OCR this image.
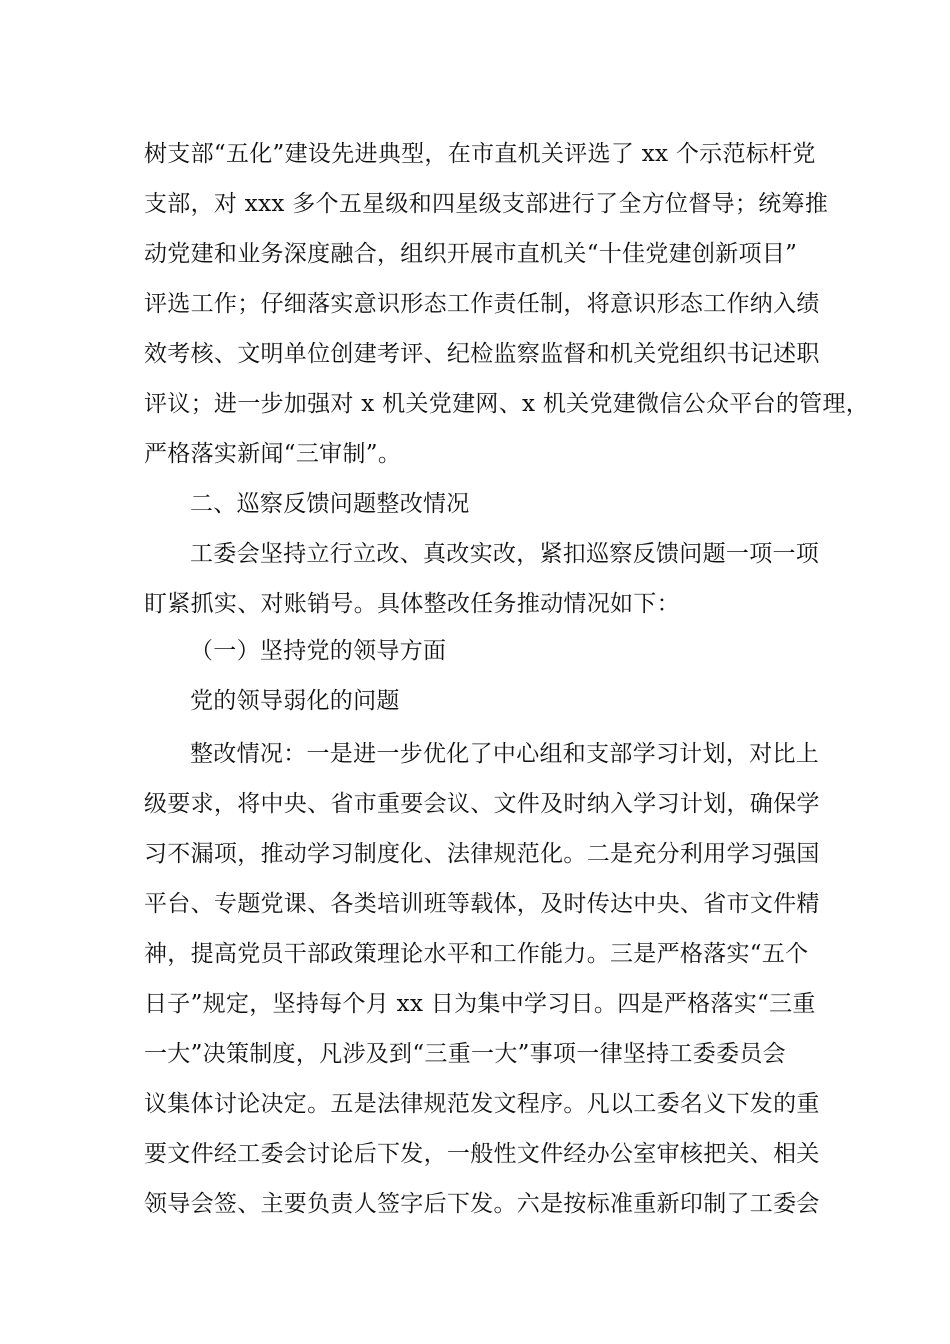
树支部“五化”建设先进典型，在市直机关评选了 xx 个示范标杆党
支部，对 xxx 多个五星级和四星级支部进行了全方位督导；统筹推
动党建和业务深度融合，组织开展市直机关“十佳党建创新项目”
评选工作；仔细落实意识形态工作责任制，将意识形态工作纳入绩
效考核、文明单位创建考评、纪检监察监督和机关党组织书记述职
评议；进一步加强对 x 机关党建网、x 机关党建微信公众平台的管理，
严格落实新闻“三审制”。
二、巡察反馈问题整改情况
工委会坚持立行立改、真改实改，紧扣巡察反馈问题一项一项
盯紧抓实、对账销号。具体整改任务推动情况如下：
（一）坚持党的领导方面
党的领导弱化的问题
整改情况：一是进一步优化了中心组和支部学习计划，对比上
级要求，将中央、省市重要会议、文件及时纳入学习计划，确保学
习不漏项，推动学习制度化、法律规范化。二是充分利用学习强国
平台、专题党课、各类培训班等载体，及时传达中央、省市文件精
神，提高党员干部政策理论水平和工作能力。三是严格落实“五个
日子”规定，坚持每个月 xx 日为集中学习日。四是严格落实“三重
一大”决策制度，凡涉及到“三重一大”事项一律坚持工委委员会
议集体讨论决定。五是法律规范发文程序。凡以工委名义下发的重
要文件经工委会讨论后下发，一般性文件经办公室审核把关、相关
领导会签、主要负责人签字后下发。六是按标准重新印制了工委会
